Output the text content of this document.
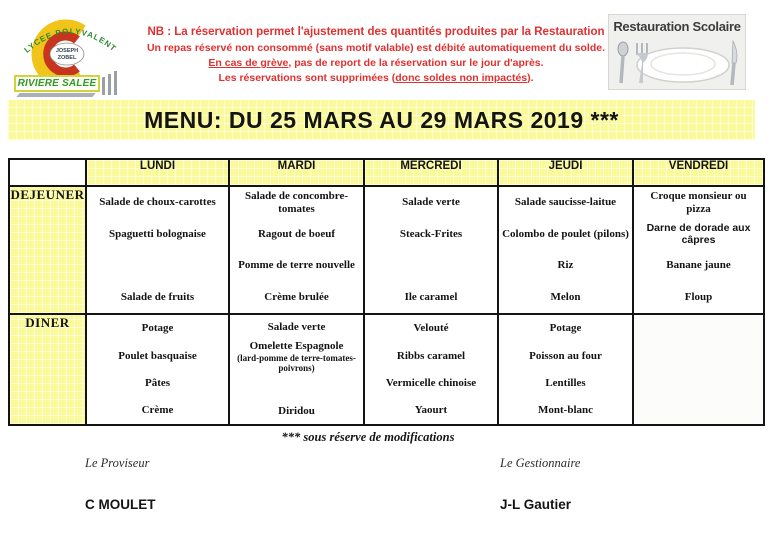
LYCEE POLYVALENT
JOSEPH
ZOBEL
RIVIERE SALEE
NB : La réservation permet l'ajustement des quantités produites par la Restauration
Un repas réservé non consommé (sans motif valable) est débité automatiquement du solde.
En cas de grève, pas de report de la réservation sur le jour d'après.
Les réservations sont supprimées (donc soldes non impactés).
Restauration Scolaire
MENU: DU 25 MARS AU 29 MARS 2019 ***
	LUNDI	MARDI	MERCREDI	JEUDI	VENDREDI
DEJEUNER	
Salade de choux-carottes
Spaguetti bolognaise
Salade de fruits

Salade de concombre-tomates
Ragout de boeuf
Pomme de terre nouvelle
Crème brulée

Salade verte
Steack-Frites
Ile caramel

Salade saucisse-laitue
Colombo de poulet (pilons)
Riz
Melon

Croque monsieur ou pizza
Darne de dorade aux câpres
Banane jaune
Floup

DINER	Potage
Poulet basquaise
Pâtes
Crème

Salade verte
Omelette Espagnole
(lard-pomme de terre-tomates-poivrons)
Diridou

Velouté
Ribbs caramel
Vermicelle chinoise
Yaourt

Potage
Poisson au four
Lentilles
Mont-blanc

*** sous réserve de modifications
Le Proviseur
C MOULET
Le Gestionnaire
J-L Gautier
